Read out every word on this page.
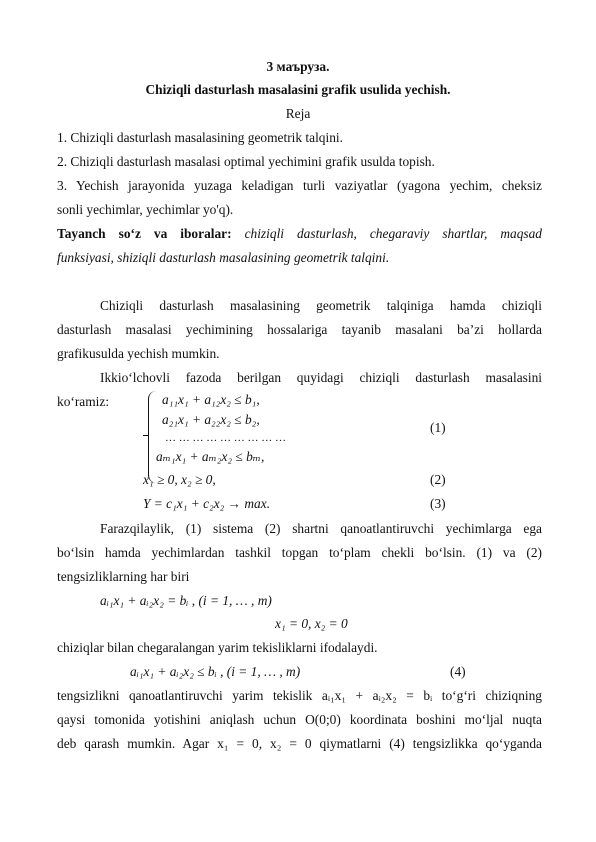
3 маъруза.
Chiziqli dasturlash masalasini grafik usulida yechish.
Reja
1. Chiziqli dasturlash masalasining geometrik talqini.
2. Chiziqli dasturlash masalasi optimal yechimini grafik usulda topish.
3. Yechish jarayonida yuzaga keladigan turli vaziyatlar (yagona yechim, cheksiz
sonli yechimlar, yechimlar yo'q).
Tayanch so‘z va iboralar: chiziqli dasturlash, chegaraviy shartlar, maqsad
funksiyasi, shiziqli dasturlash masalasining geometrik talqini.
Chiziqli dasturlash masalasining geometrik talqiniga hamda chiziqli
dasturlash masalasi yechimining hossalariga tayanib masalani ba’zi hollarda
grafikusulda yechish mumkin.
Ikkio‘lchovli fazoda berilgan quyidagi chiziqli dasturlash masalasini
ko‘ramiz:	a₁₁x₁ + a₁₂x₂ ≤ b₁,
a₂₁x₁ + a₂₂x₂ ≤ b₂,
… … … … … … … … …
aₘ₁x₁ + aₘ₂x₂ ≤ bₘ,
(1)
x₁ ≥ 0, x₂ ≥ 0,	(2)
Y = c₁x₁ + c₂x₂ → max.	(3)
Farazqilaylik, (1) sistema (2) shartni qanoatlantiruvchi yechimlarga ega
bo‘lsin hamda yechimlardan tashkil topgan to‘plam chekli bo‘lsin. (1) va (2)
tengsizliklarning har biri
aᵢ₁x₁ + aᵢ₂x₂ = bᵢ , (i = 1, … , m)
x₁ = 0, x₂ = 0
chiziqlar bilan chegaralangan yarim tekisliklarni ifodalaydi.
aᵢ₁x₁ + aᵢ₂x₂ ≤ bᵢ , (i = 1, … , m)	(4)
tengsizlikni qanoatlantiruvchi yarim tekislik aᵢ₁x₁ + aᵢ₂x₂ = bᵢ to‘g‘ri chiziqning
qaysi tomonida yotishini aniqlash uchun O(0;0) koordinata boshini mo‘ljal nuqta
deb qarash mumkin. Agar x₁ = 0, x₂ = 0 qiymatlarni (4) tengsizlikka qo‘yganda
